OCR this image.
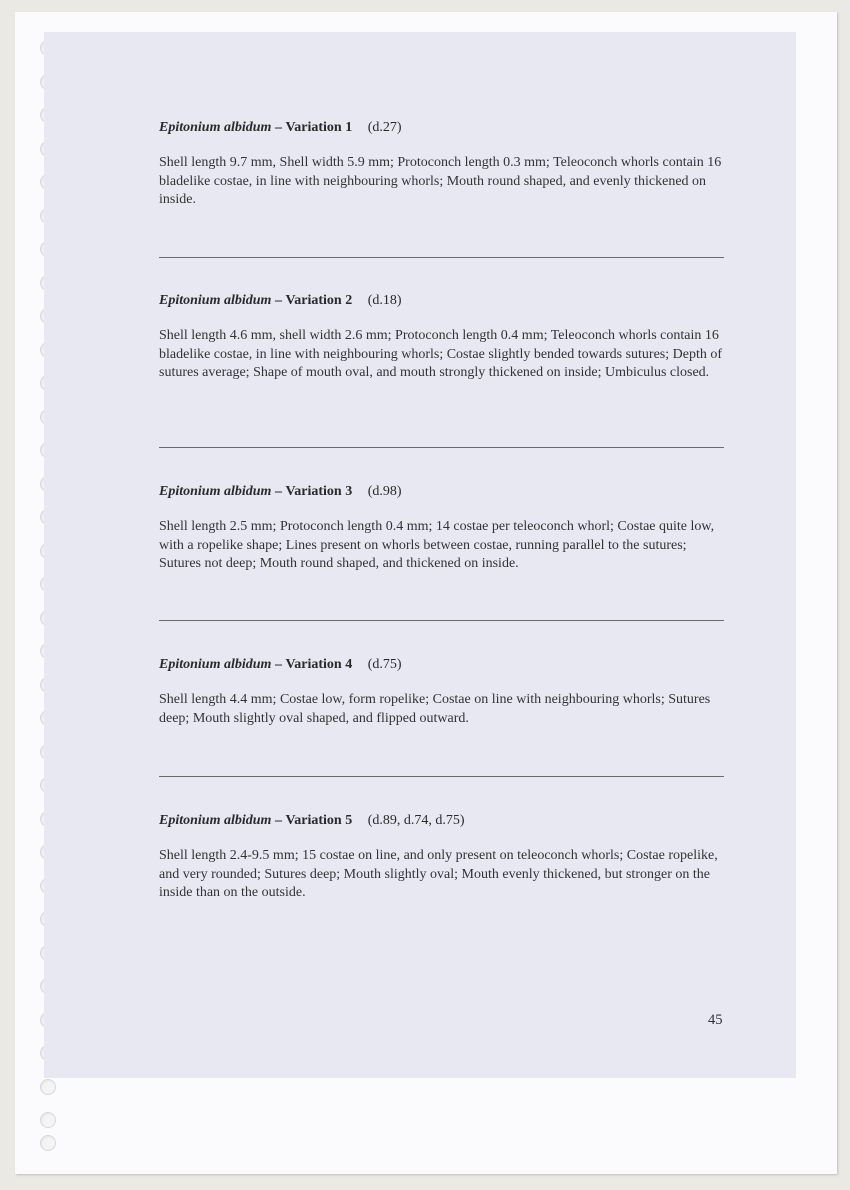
Epitonium albidum – Variation 1 (d.27)

Shell length 9.7 mm, Shell width 5.9 mm; Protoconch length 0.3 mm; Teleoconch whorls contain 16 bladelike costae, in line with neighbouring whorls; Mouth round shaped, and evenly thickened on inside.

Epitonium albidum – Variation 2 (d.18)

Shell length 4.6 mm, shell width 2.6 mm; Protoconch length 0.4 mm; Teleoconch whorls contain 16 bladelike costae, in line with neighbouring whorls; Costae slightly bended towards sutures; Depth of sutures average; Shape of mouth oval, and mouth strongly thickened on inside; Umbiculus closed.

Epitonium albidum – Variation 3 (d.98)

Shell length 2.5 mm; Protoconch length 0.4 mm; 14 costae per teleoconch whorl; Costae quite low, with a ropelike shape; Lines present on whorls between costae, running parallel to the sutures; Sutures not deep; Mouth round shaped, and thickened on inside.

Epitonium albidum – Variation 4 (d.75)

Shell length 4.4 mm; Costae low, form ropelike; Costae on line with neighbouring whorls; Sutures deep; Mouth slightly oval shaped, and flipped outward.

Epitonium albidum – Variation 5 (d.89, d.74, d.75)

Shell length 2.4-9.5 mm; 15 costae on line, and only present on teleoconch whorls; Costae ropelike, and very rounded; Sutures deep; Mouth slightly oval; Mouth evenly thickened, but stronger on the inside than on the outside.

45
